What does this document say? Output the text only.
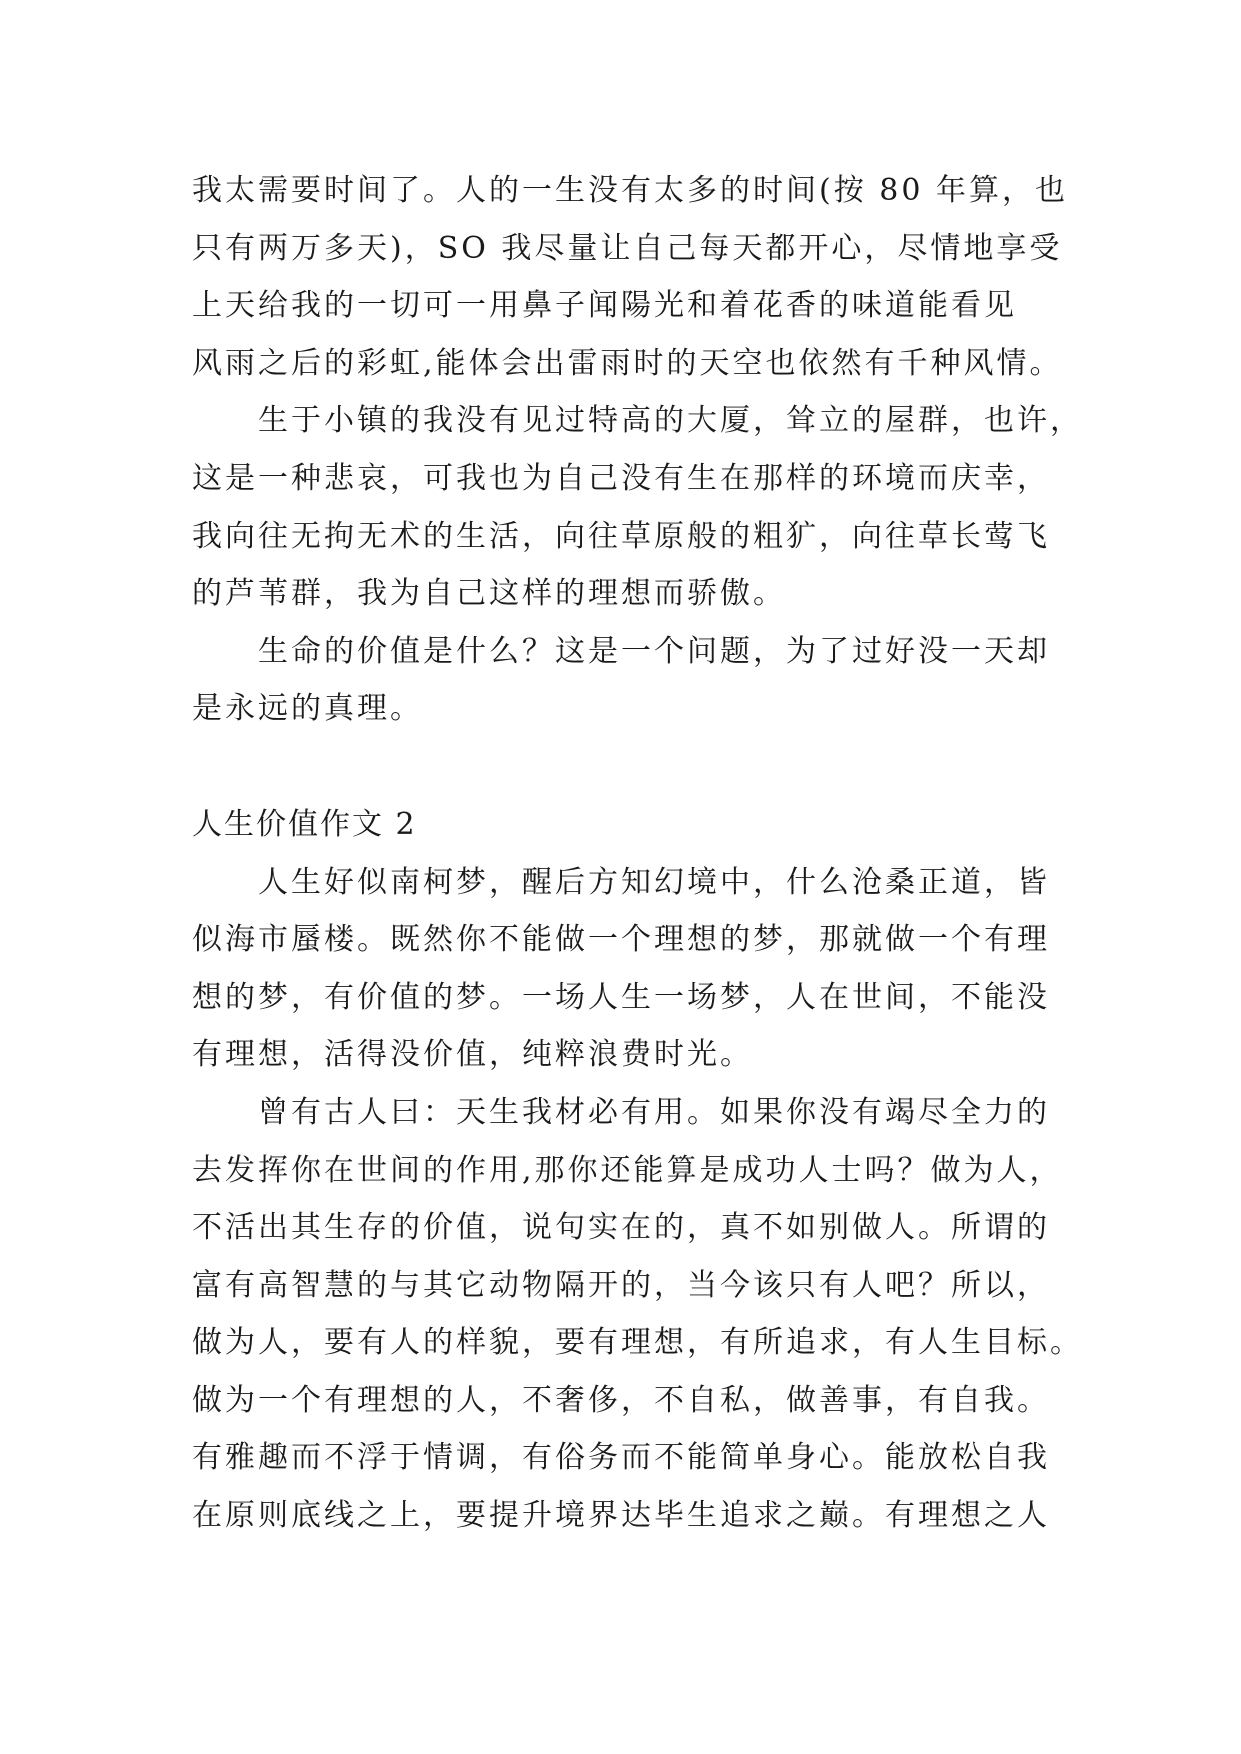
我太需要时间了。人的一生没有太多的时间(按 80 年算，也
只有两万多天)，SO 我尽量让自己每天都开心，尽情地享受
上天给我的一切可一用鼻子闻陽光和着花香的味道能看见
风雨之后的彩虹,能体会出雷雨时的天空也依然有千种风情。

生于小镇的我没有见过特高的大厦，耸立的屋群，也许，
这是一种悲哀，可我也为自己没有生在那样的环境而庆幸，
我向往无拘无术的生活，向往草原般的粗犷，向往草长莺飞
的芦苇群，我为自己这样的理想而骄傲。

生命的价值是什么？这是一个问题，为了过好没一天却
是永远的真理。

人生价值作文 2

人生好似南柯梦，醒后方知幻境中，什么沧桑正道，皆
似海市蜃楼。既然你不能做一个理想的梦，那就做一个有理
想的梦，有价值的梦。一场人生一场梦，人在世间，不能没
有理想，活得没价值，纯粹浪费时光。

曾有古人曰：天生我材必有用。如果你没有竭尽全力的
去发挥你在世间的作用,那你还能算是成功人士吗？做为人，
不活出其生存的价值，说句实在的，真不如别做人。所谓的
富有高智慧的与其它动物隔开的，当今该只有人吧？所以，
做为人，要有人的样貌，要有理想，有所追求，有人生目标。
做为一个有理想的人，不奢侈，不自私，做善事，有自我。
有雅趣而不浮于情调，有俗务而不能简单身心。能放松自我
在原则底线之上，要提升境界达毕生追求之巅。有理想之人
